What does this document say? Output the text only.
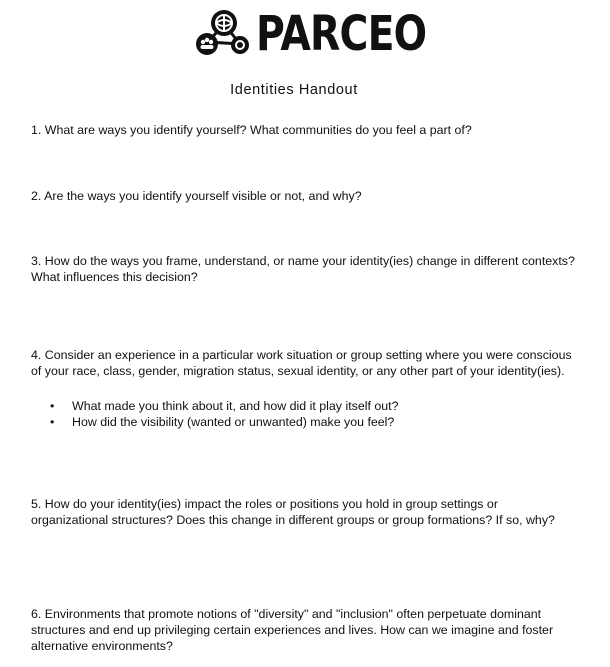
PARCEO
Identities Handout

1. What are ways you identify yourself? What communities do you feel a part of?

2. Are the ways you identify yourself visible or not, and why?

3. How do the ways you frame, understand, or name your identity(ies) change in different contexts? What influences this decision?

4. Consider an experience in a particular work situation or group setting where you were conscious of your race, class, gender, migration status, sexual identity, or any other part of your identity(ies).

• What made you think about it, and how did it play itself out?
• How did the visibility (wanted or unwanted) make you feel?

5. How do your identity(ies) impact the roles or positions you hold in group settings or organizational structures? Does this change in different groups or group formations? If so, why?

6. Environments that promote notions of "diversity" and "inclusion" often perpetuate dominant structures and end up privileging certain experiences and lives. How can we imagine and foster alternative environments?
